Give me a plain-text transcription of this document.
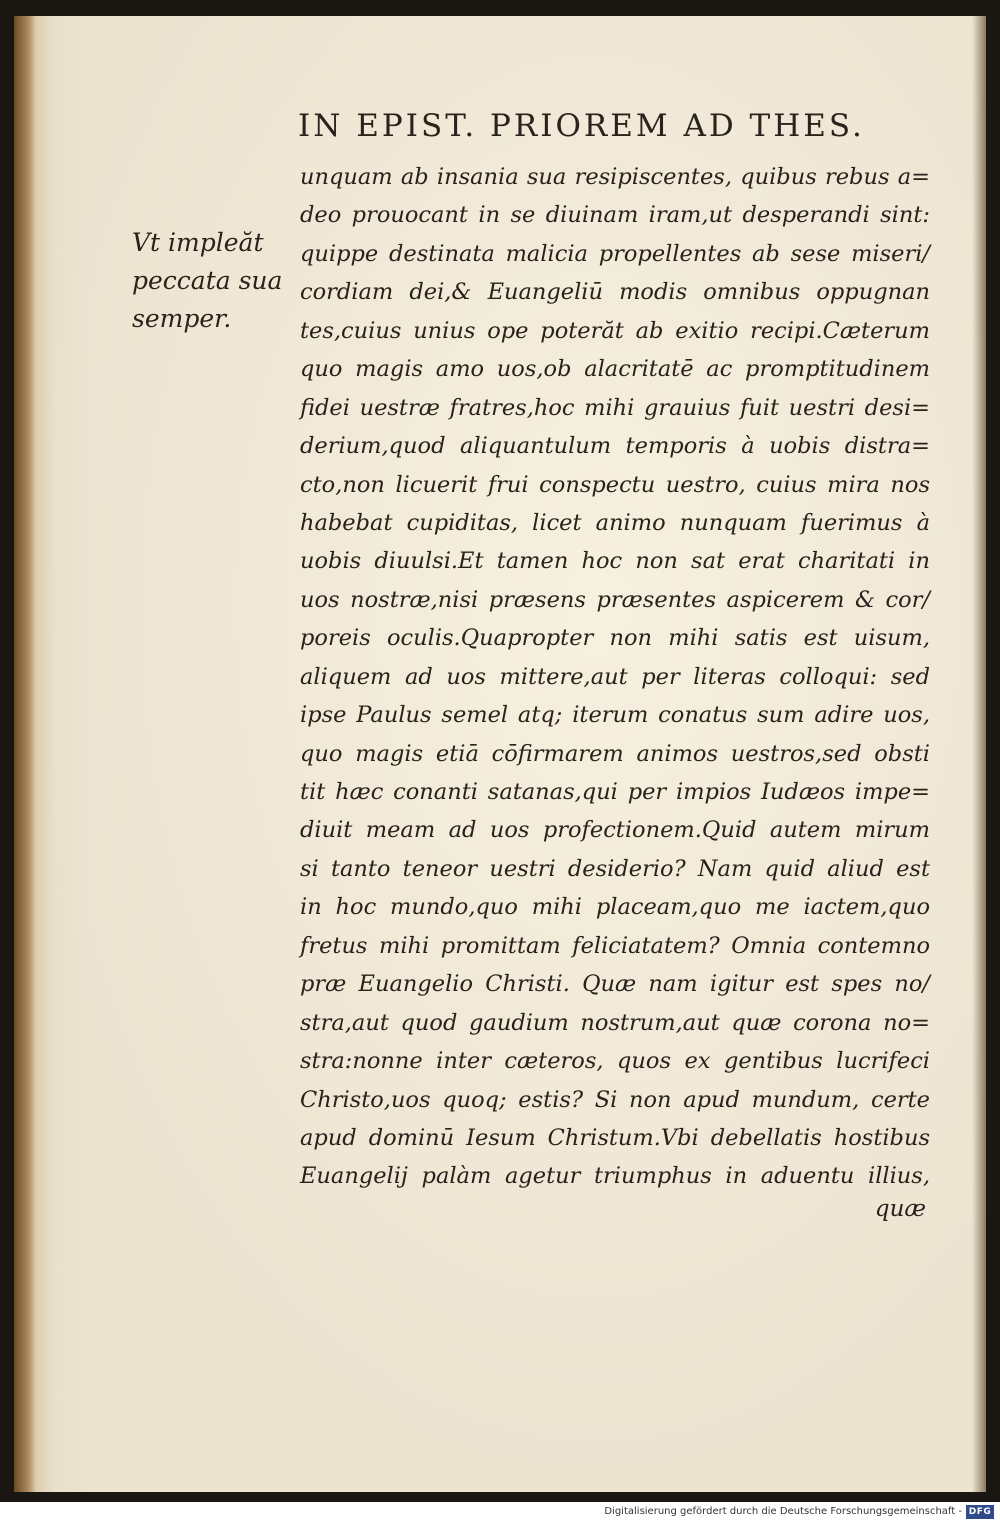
IN EPIST. PRIOREM AD THES.
Vt impleăt
peccata sua
semper.
unquam ab insania sua resipiscentes, quibus rebus a=
deo prouocant in se diuinam iram,ut desperandi sint:
quippe destinata malicia propellentes ab sese miseri/
cordiam dei,& Euangeliū modis omnibus oppugnan
tes,cuius unius ope poterăt ab exitio recipi.Cæterum
quo magis amo uos,ob alacritatē ac promptitudinem
fidei uestræ fratres,hoc mihi grauius fuit uestri desi=
derium,quod aliquantulum temporis à uobis distra=
cto,non licuerit frui conspectu uestro, cuius mira nos
habebat cupiditas, licet animo nunquam fuerimus à
uobis diuulsi.Et tamen hoc non sat erat charitati in
uos nostræ,nisi præsens præsentes aspicerem & cor/
poreis oculis.Quapropter non mihi satis est uisum,
aliquem ad uos mittere,aut per literas colloqui: sed
ipse Paulus semel atq; iterum conatus sum adire uos,
quo magis etiā cōfirmarem animos uestros,sed obsti
tit hæc conanti satanas,qui per impios Iudæos impe=
diuit meam ad uos profectionem.Quid autem mirum
si tanto teneor uestri desiderio? Nam quid aliud est
in hoc mundo,quo mihi placeam,quo me iactem,quo
fretus mihi promittam feliciatatem? Omnia contemno
præ Euangelio Christi. Quæ nam igitur est spes no/
stra,aut quod gaudium nostrum,aut quæ corona no=
stra:nonne inter cæteros, quos ex gentibus lucrifeci
Christo,uos quoq; estis? Si non apud mundum, certe
apud dominū Iesum Christum.Vbi debellatis hostibus
Euangelij palàm agetur triumphus in aduentu illius,
quæ
Digitalisierung gefördert durch die Deutsche Forschungsgemeinschaft - DFG
